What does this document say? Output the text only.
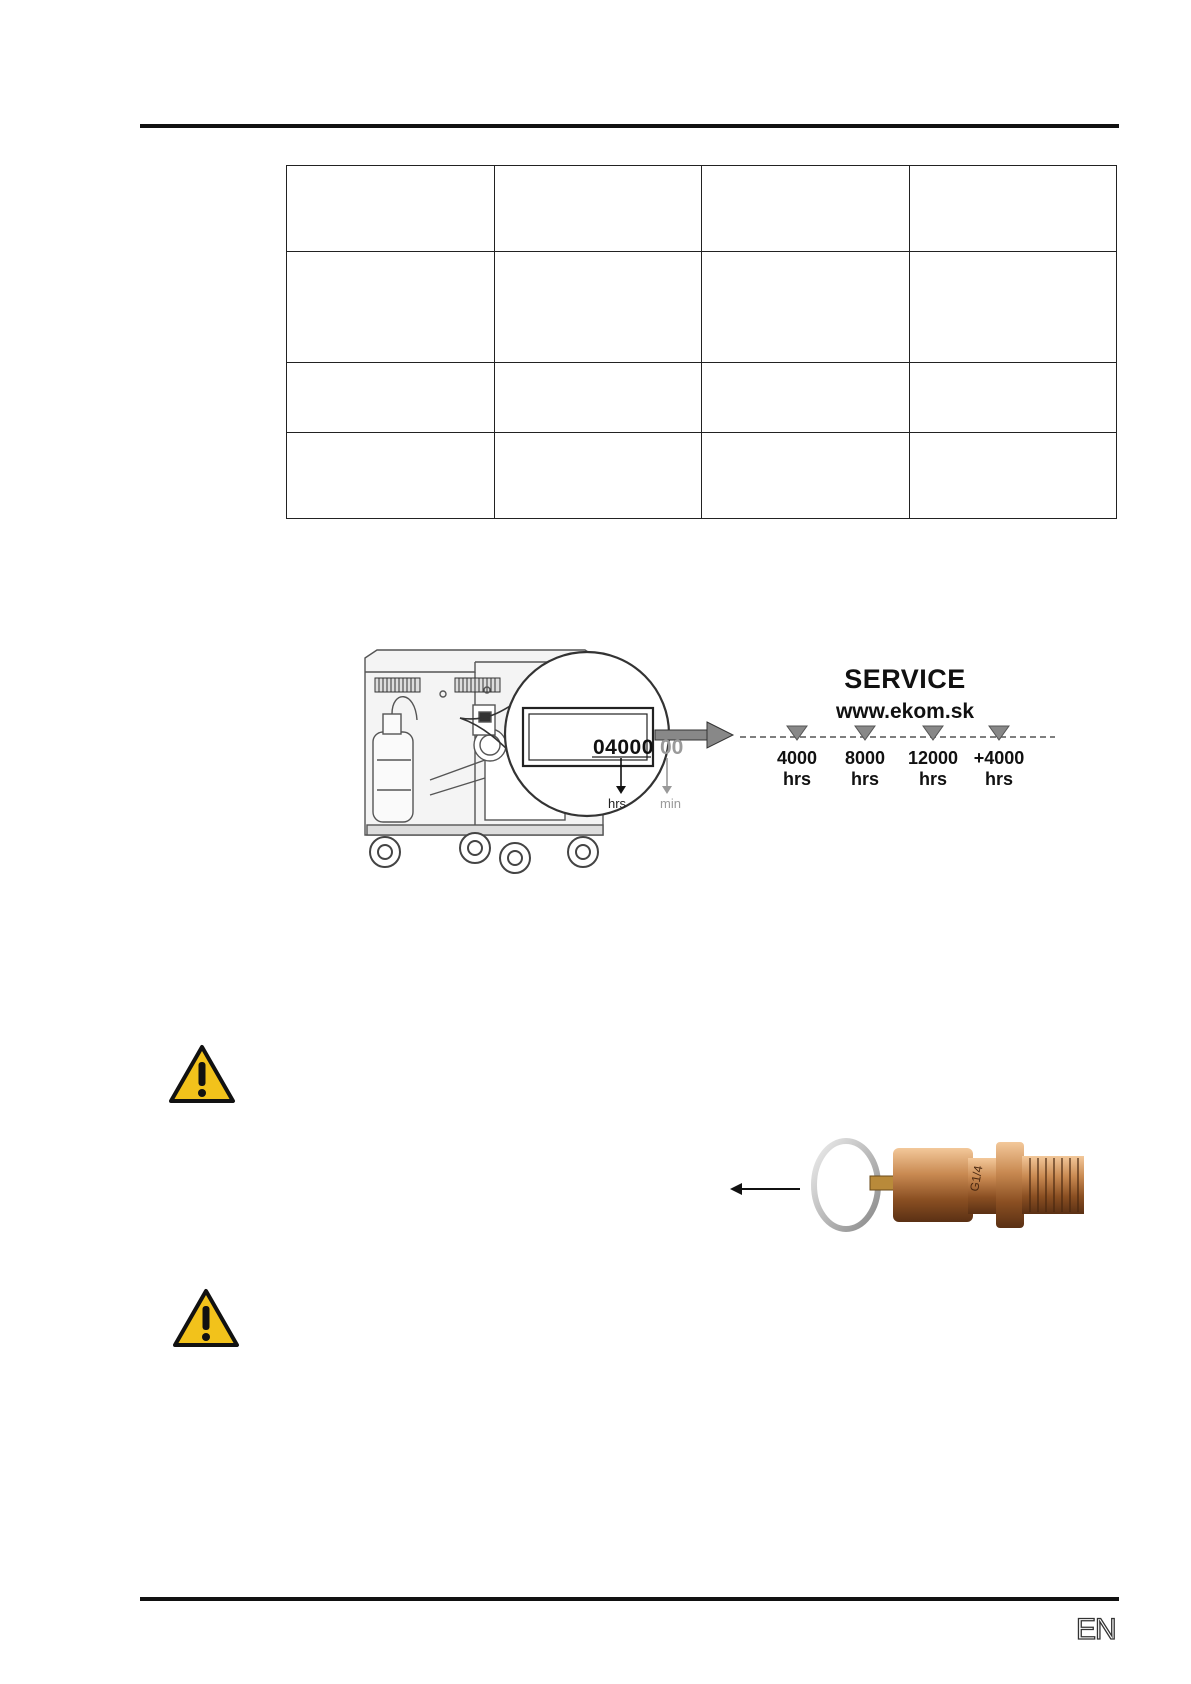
SERVICE
www.ekom.sk
04000 00
hrs	min
4000
hrs
8000
hrs
12000
hrs
+4000
hrs
G1/4
EN
